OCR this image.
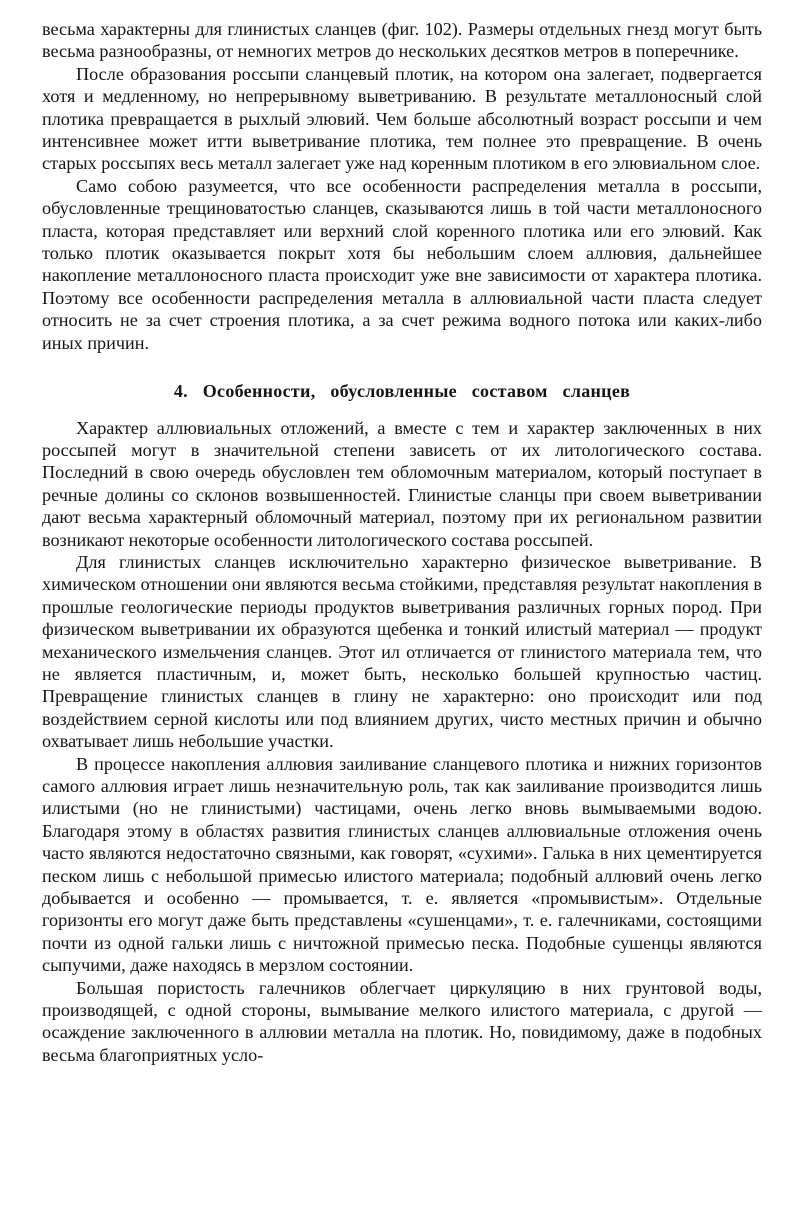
весьма характерны для глинистых сланцев (фиг. 102). Размеры отдельных гнезд могут быть весьма разнообразны, от немногих метров до нескольких десятков метров в поперечнике.

После образования россыпи сланцевый плотик, на котором она залегает, подвергается хотя и медленному, но непрерывному выветриванию. В результате металлоносный слой плотика превращается в рыхлый элювий. Чем больше абсолютный возраст россыпи и чем интенсивнее может итти выветривание плотика, тем полнее это превращение. В очень старых россыпях весь металл залегает уже над коренным плотиком в его элювиальном слое.

Само собою разумеется, что все особенности распределения металла в россыпи, обусловленные трещиноватостью сланцев, сказываются лишь в той части металлоносного пласта, которая представляет или верхний слой коренного плотика или его элювий. Как только плотик оказывается покрыт хотя бы небольшим слоем аллювия, дальнейшее накопление металлоносного пласта происходит уже вне зависимости от характера плотика. Поэтому все особенности распределения металла в аллювиальной части пласта следует относить не за счет строения плотика, а за счет режима водного потока или каких-либо иных причин.

4. Особенности, обусловленные составом сланцев

Характер аллювиальных отложений, а вместе с тем и характер заключенных в них россыпей могут в значительной степени зависеть от их литологического состава. Последний в свою очередь обусловлен тем обломочным материалом, который поступает в речные долины со склонов возвышенностей. Глинистые сланцы при своем выветривании дают весьма характерный обломочный материал, поэтому при их региональном развитии возникают некоторые особенности литологического состава россыпей.

Для глинистых сланцев исключительно характерно физическое выветривание. В химическом отношении они являются весьма стойкими, представляя результат накопления в прошлые геологические периоды продуктов выветривания различных горных пород. При физическом выветривании их образуются щебенка и тонкий илистый материал — продукт механического измельчения сланцев. Этот ил отличается от глинистого материала тем, что не является пластичным, и, может быть, несколько большей крупностью частиц. Превращение глинистых сланцев в глину не характерно: оно происходит или под воздействием серной кислоты или под влиянием других, чисто местных причин и обычно охватывает лишь небольшие участки.

В процессе накопления аллювия заиливание сланцевого плотика и нижних горизонтов самого аллювия играет лишь незначительную роль, так как заиливание производится лишь илистыми (но не глинистыми) частицами, очень легко вновь вымываемыми водою. Благодаря этому в областях развития глинистых сланцев аллювиальные отложения очень часто являются недостаточно связными, как говорят, «сухими». Галька в них цементируется песком лишь с небольшой примесью илистого материала; подобный аллювий очень легко добывается и особенно — промывается, т. е. является «промывистым». Отдельные горизонты его могут даже быть представлены «сушенцами», т. е. галечниками, состоящими почти из одной гальки лишь с ничтожной примесью песка. Подобные сушенцы являются сыпучими, даже находясь в мерзлом состоянии.

Большая пористость галечников облегчает циркуляцию в них грунтовой воды, производящей, с одной стороны, вымывание мелкого илистого материала, с другой — осаждение заключенного в аллювии металла на плотик. Но, повидимому, даже в подобных весьма благоприятных усло-
